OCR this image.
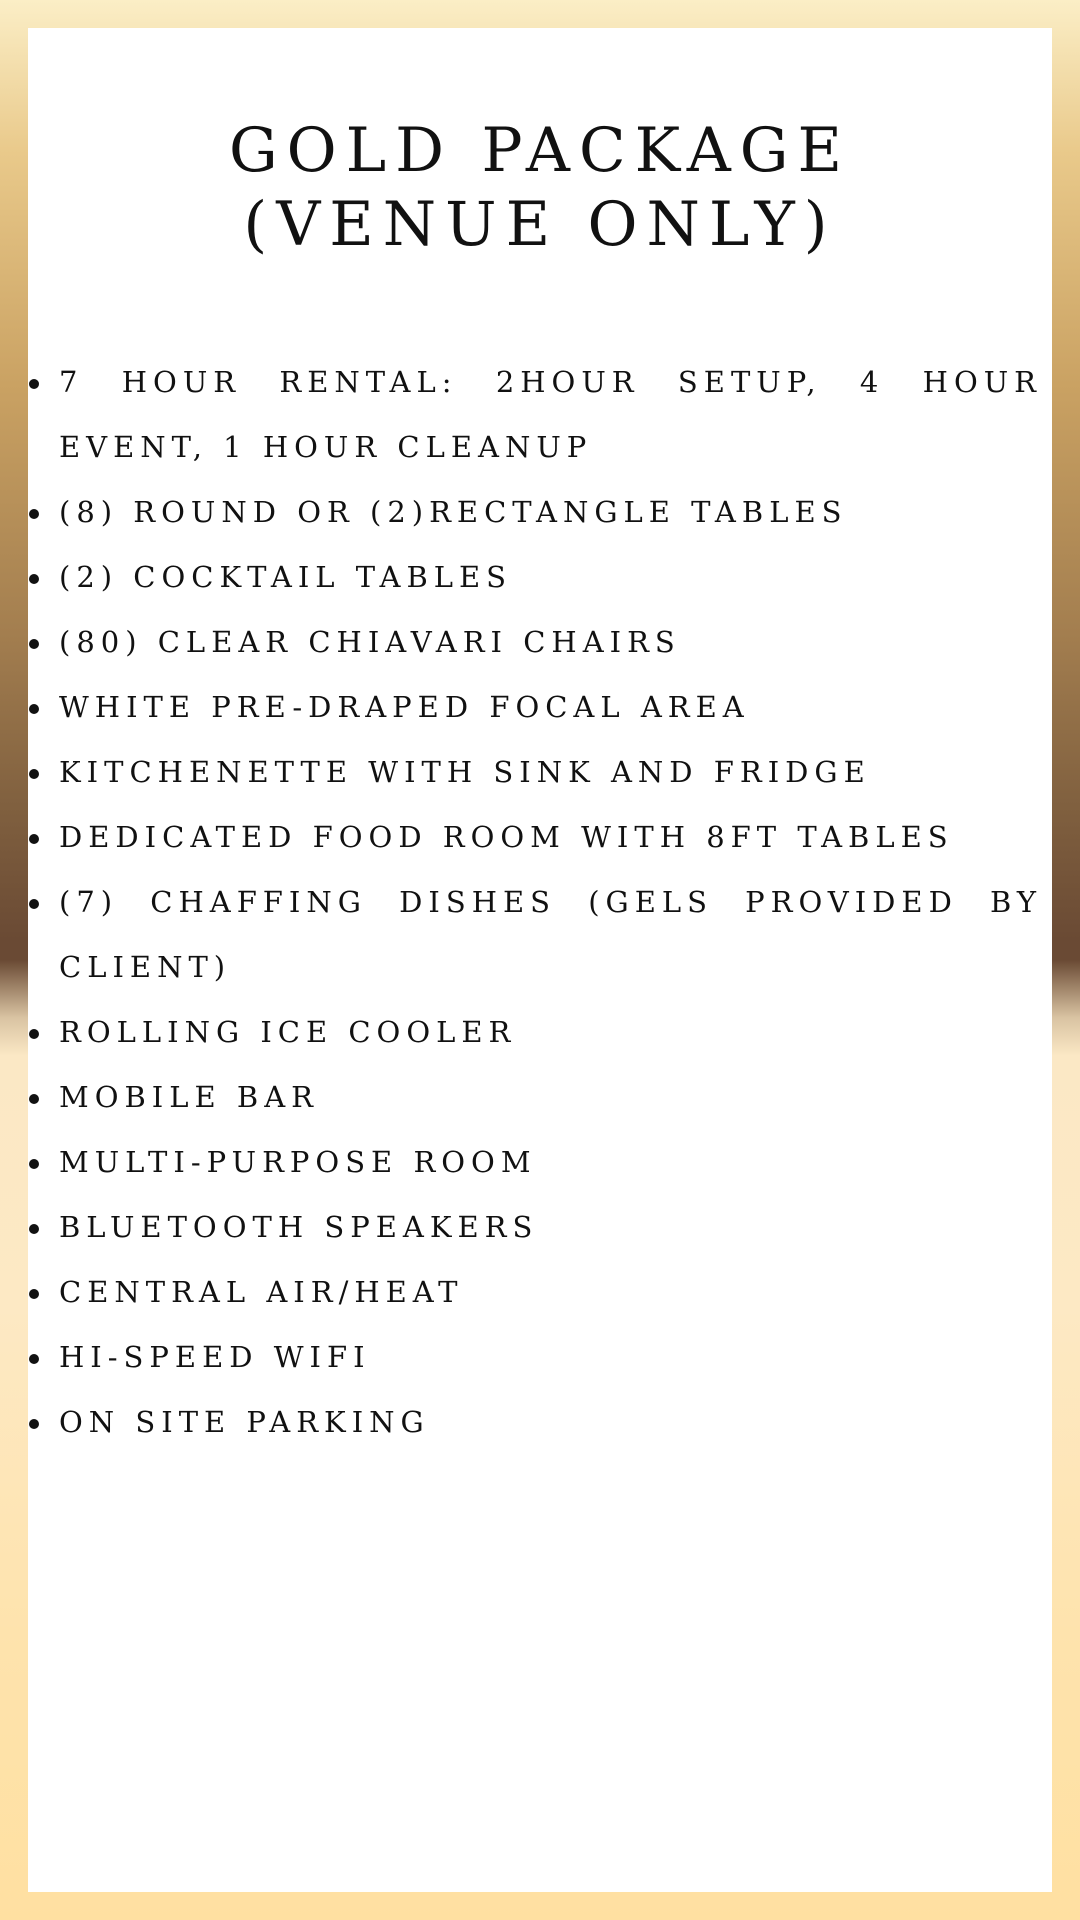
GOLD PACKAGE
(VENUE ONLY)
7 HOUR RENTAL: 2HOUR SETUP, 4 HOUR EVENT, 1 HOUR CLEANUP
(8) ROUND OR (2)RECTANGLE TABLES
(2) COCKTAIL TABLES
(80) CLEAR CHIAVARI CHAIRS
WHITE PRE-DRAPED FOCAL AREA
KITCHENETTE WITH SINK AND FRIDGE
DEDICATED FOOD ROOM WITH 8FT TABLES
(7) CHAFFING DISHES (GELS PROVIDED BY CLIENT)
ROLLING ICE COOLER
MOBILE BAR
MULTI-PURPOSE ROOM
BLUETOOTH SPEAKERS
CENTRAL AIR/HEAT
HI-SPEED WIFI
ON SITE PARKING
